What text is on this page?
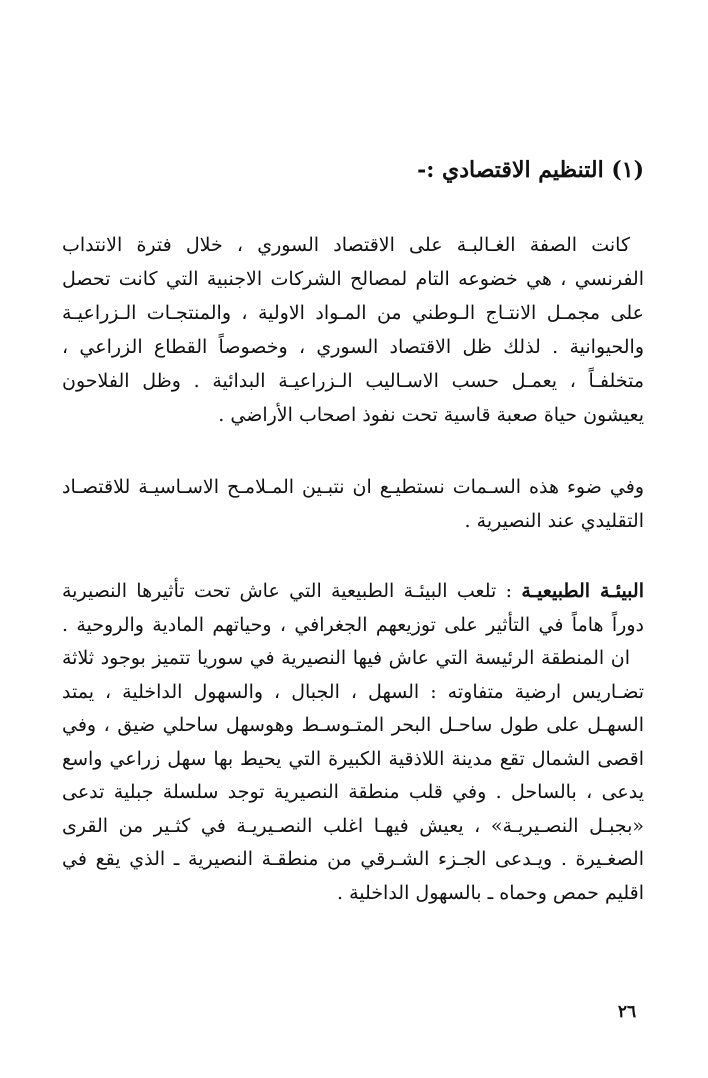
(١) التنظيم الاقتصادي :-
كانت الصفة الغـالبـة على الاقتصاد السوري ، خلال فترة الانتداب
الفرنسي ، هي خضوعه التام لمصالح الشركات الاجنبية التي كانت تحصل
على مجمـل الانتـاج الـوطني من المـواد الاولية ، والمنتجـات الـزراعيـة
والحيوانية . لذلك ظل الاقتصاد السوري ، وخصوصاً القطاع الزراعي ،
متخلفـاً ، يعمـل حسب الاسـاليب الـزراعيـة البدائية . وظل الفلاحون
يعيشون حياة صعبة قاسية تحت نفوذ اصحاب الأراضي .
وفي ضوء هذه السـمات نستطيـع ان نتبـين المـلامـح الاسـاسيـة للاقتصـاد
التقليدي عند النصيرية .
البيئـة الطبيعيـة : تلعب البيئـة الطبيعية التي عاش تحت تأثيرها النصيرية
دوراً هاماً في التأثير على توزيعهم الجغرافي ، وحياتهم المادية والروحية .
ان المنطقة الرئيسة التي عاش فيها النصيرية في سوريا تتميز بوجود ثلاثة
تضـاريس ارضية متفاوته : السهل ، الجبال ، والسهول الداخلية ، يمتد
السهـل على طول ساحـل البحر المتـوسـط وهوسهل ساحلي ضيق ، وفي
اقصى الشمال تقع مدينة اللاذقية الكبيرة التي يحيط بها سهل زراعي واسع
يدعى ، بالساحل . وفي قلب منطقة النصيرية توجد سلسلة جبلية تدعى
«بجبـل النصـيريـة» ، يعيش فيهـا اغلب النصـيريـة في كثـير من القرى
الصغـيرة . ويـدعى الجـزء الشـرقي من منطقـة النصيرية ـ الذي يقع في
اقليم حمص وحماه ـ بالسهول الداخلية .
٢٦
